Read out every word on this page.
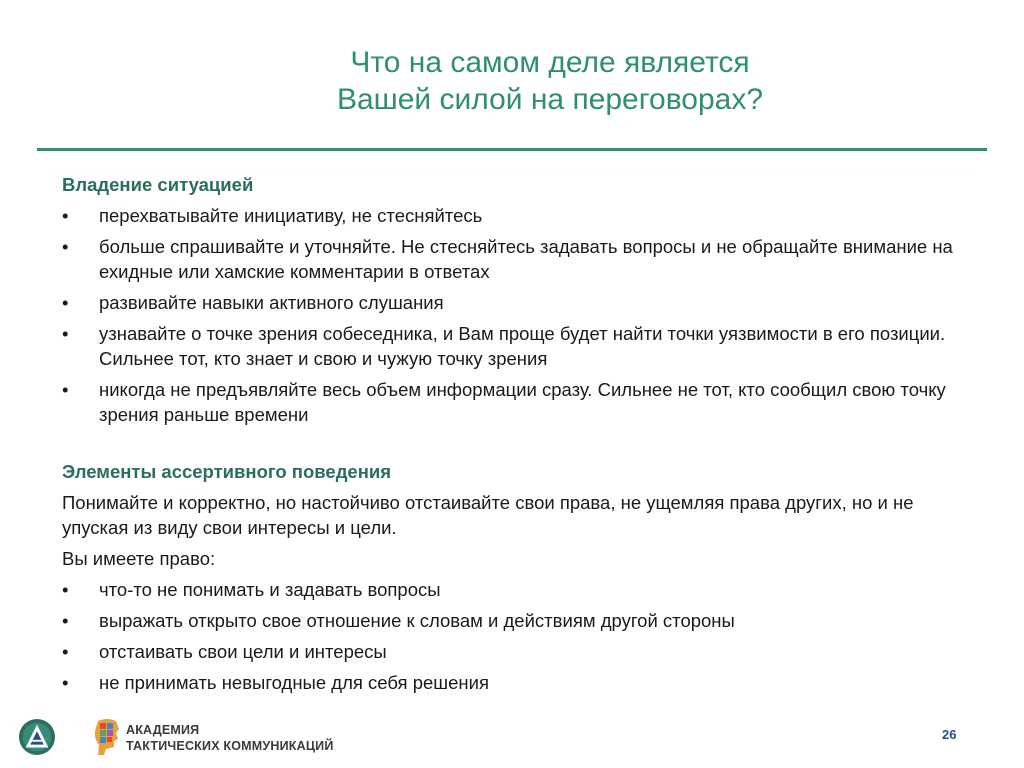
Что на самом деле является
Вашей силой на переговорах?
Владение ситуацией
• перехватывайте инициативу, не стесняйтесь
• больше спрашивайте и уточняйте. Не стесняйтесь задавать вопросы и не обращайте внимание на ехидные или хамские комментарии в ответах
• развивайте навыки активного слушания
• узнавайте о точке зрения собеседника, и Вам проще будет найти точки уязвимости в его позиции. Сильнее тот, кто знает и свою и чужую точку зрения
• никогда не предъявляйте весь объем информации сразу. Сильнее не тот, кто сообщил свою точку зрения раньше времени
Элементы ассертивного поведения
Понимайте и корректно, но настойчиво отстаивайте свои права, не ущемляя права других, но и не упуская из виду свои интересы и цели.
Вы имеете право:
• что-то не понимать и задавать вопросы
• выражать открыто свое отношение к словам и действиям другой стороны
• отстаивать свои цели и интересы
• не принимать невыгодные для себя решения
АКАДЕМИЯ
ТАКТИЧЕСКИХ КОММУНИКАЦИЙ
26
